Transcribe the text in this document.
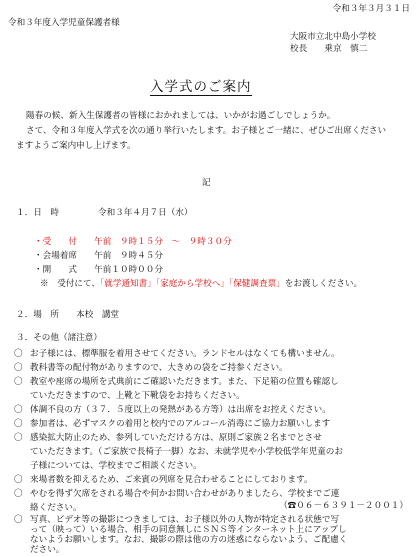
令和３年３月３１日
令和３年度入学児童保護者様
大阪市立北中島小学校
校長　　乗京　慎二
入学式のご案内
陽春の候、新入生保護者の皆様におかれましては、いかがお過ごしでしょうか。
さて、令和３年度入学式を次の通り挙行いたします。お子様とご一緒に、ぜひご出席ください
ますようご案内申し上げます。
記
１．日　時	令和３年４月７日（水）
・受　　付　　午前　９時１５分　～　９時３０分
・会場着席　　午前　９時４５分
・開　　式　　午前１０時００分
※　受付にて、「就学通知書」「家庭から学校へ」「保健調査票」をお渡しください。
２．場　所　　本校　講堂
３．その他（諸注意）
〇 お子様には、標準服を着用させてください。ランドセルはなくても構いません。
〇 教科書等の配付物がありますので、大きめの袋をご持参ください。
〇 教室や座席の場所を式典前にご確認いただきます。また、下足箱の位置も確認し
ていただきますので、上靴と下靴袋をお持ちください。
〇 体調不良の方（３７．５度以上の発熱がある方等）は出席をお控えください。
〇 参加者は、必ずマスクの着用と校内でのアルコール消毒にご協力お願いします
〇 感染拡大防止のため、参列していただける方は、原則ご家族２名までとさせ
ていただきます。（ご家族で長椅子一脚）なお、未就学児や小学校低学年児童のお
子様については、学校までご相談ください。
〇 来場者数を抑えるため、ご来賓の列席を見合わせることにしております。
〇 やむを得ず欠席をされる場合や何かお問い合わせがありましたら、学校までご連
絡ください。	（☎０６－６３９１－２００１）
〇 写真、ビデオ等の撮影につきましては、お子様以外の人物が特定される状態で写
って（映って）いる場合、相手の同意無しにＳＮＳ等インターネット上にアップし
ないようお願いします。なお、撮影の際は他の方の迷惑にならないよう、ご配慮く
ださい。
